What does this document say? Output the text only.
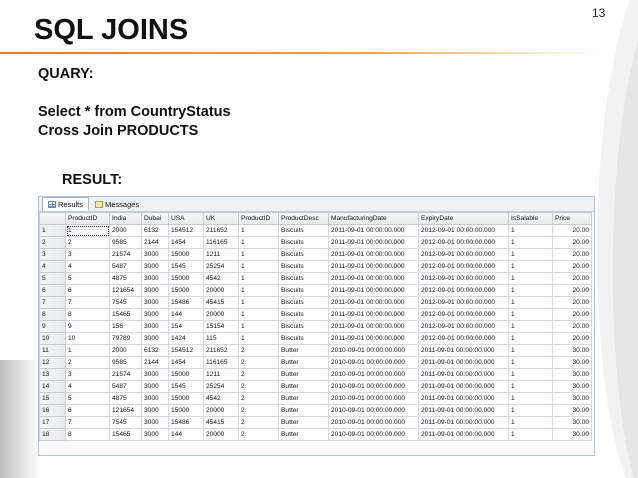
13
SQL JOINS
QUARY:
Select * from CountryStatus
Cross Join PRODUCTS
RESULT:
Results	Messages
	ProductID	India	Dubai	USA	UK	ProductID	ProductDesc	ManufacturingDate	ExpiryDate	IsSalable	Price
1	1	2000	6132	154512	211652	1	Biscuits	2011-09-01 00:00:00.000	2012-09-01 00:00:00.000	1	20.00
2	2	9585	2144	1454	116165	1	Biscuits	2011-09-01 00:00:00.000	2012-09-01 00:00:00.000	1	20.00
3	3	21574	3000	15000	1211	1	Biscuits	2011-09-01 00:00:00.000	2012-09-01 00:00:00.000	1	20.00
4	4	5487	3000	1545	25254	1	Biscuits	2011-09-01 00:00:00.000	2012-09-01 00:00:00.000	1	20.00
5	5	4875	3000	15000	4542	1	Biscuits	2011-09-01 00:00:00.000	2012-09-01 00:00:00.000	1	20.00
6	6	121654	3000	15000	20000	1	Biscuits	2011-09-01 00:00:00.000	2012-09-01 00:00:00.000	1	20.00
7	7	7545	3000	15486	45415	1	Biscuits	2011-09-01 00:00:00.000	2012-09-01 00:00:00.000	1	20.00
8	8	15465	3000	144	20000	1	Biscuits	2011-09-01 00:00:00.000	2012-09-01 00:00:00.000	1	20.00
9	9	156	3000	154	15154	1	Biscuits	2011-09-01 00:00:00.000	2012-09-01 00:00:00.000	1	20.00
10	10	79789	3000	1424	115	1	Biscuits	2011-09-01 00:00:00.000	2012-09-01 00:00:00.000	1	20.00
11	1	2000	6132	154512	211652	2	Butter	2010-09-01 00:00:00.000	2011-09-01 00:00:00.000	1	30.00
12	2	9585	2144	1454	116165	2	Butter	2010-09-01 00:00:00.000	2011-09-01 00:00:00.000	1	30.00
13	3	21574	3000	15000	1211	2	Butter	2010-09-01 00:00:00.000	2011-09-01 00:00:00.000	1	30.00
14	4	5487	3000	1545	25254	2	Butter	2010-09-01 00:00:00.000	2011-09-01 00:00:00.000	1	30.00
15	5	4875	3000	15000	4542	2	Butter	2010-09-01 00:00:00.000	2011-09-01 00:00:00.000	1	30.00
16	6	121654	3000	15000	20000	2	Butter	2010-09-01 00:00:00.000	2011-09-01 00:00:00.000	1	30.00
17	7	7545	3000	15486	45415	2	Butter	2010-09-01 00:00:00.000	2011-09-01 00:00:00.000	1	30.00
18	8	15465	3000	144	20000	2	Butter	2010-09-01 00:00:00.000	2011-09-01 00:00:00.000	1	30.00
